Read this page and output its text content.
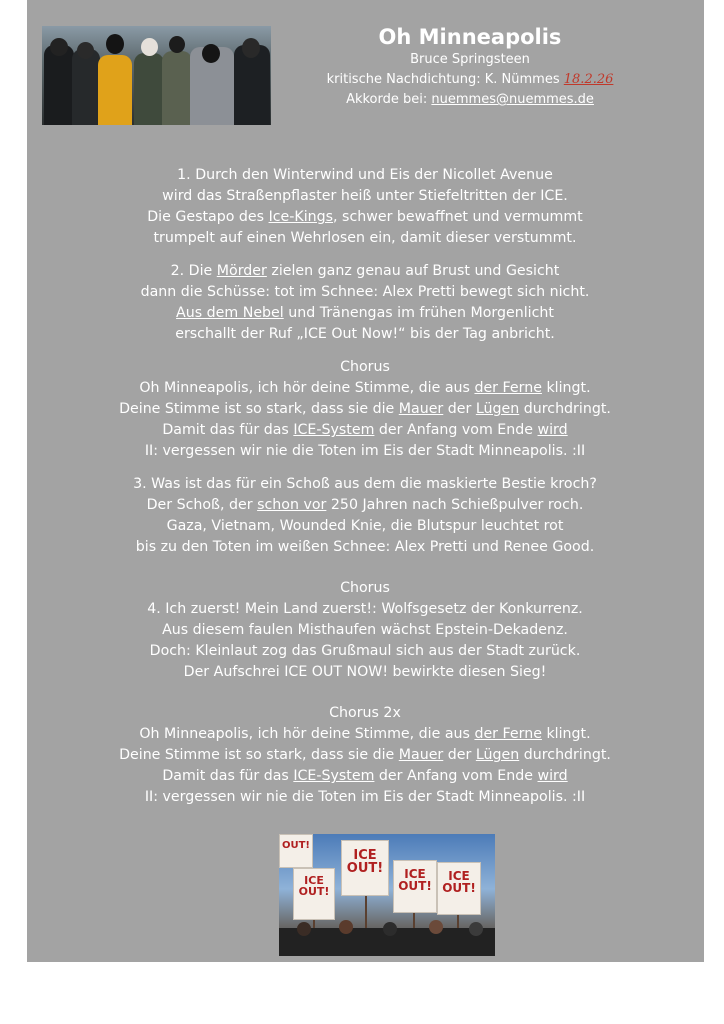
Oh Minneapolis
Bruce Springsteen
kritische Nachdichtung: K. Nümmes 18.2.26
Akkorde bei: nuemmes@nuemmes.de
1. Durch den Winterwind und Eis der Nicollet Avenue
wird das Straßenpflaster heiß unter Stiefeltritten der ICE.
Die Gestapo des Ice-Kings, schwer bewaffnet und vermummt
trumpelt auf einen Wehrlosen ein, damit dieser verstummt.
2. Die Mörder zielen ganz genau auf Brust und Gesicht
dann die Schüsse: tot im Schnee: Alex Pretti bewegt sich nicht.
Aus dem Nebel und Tränengas im frühen Morgenlicht
erschallt der Ruf „ICE Out Now!“ bis der Tag anbricht.
Chorus
Oh Minneapolis, ich hör deine Stimme, die aus der Ferne klingt.
Deine Stimme ist so stark, dass sie die Mauer der Lügen durchdringt.
Damit das für das ICE-System der Anfang vom Ende wird
II: vergessen wir nie die Toten im Eis der Stadt Minneapolis. :II
3. Was ist das für ein Schoß aus dem die maskierte Bestie kroch?
Der Schoß, der schon vor 250 Jahren nach Schießpulver roch.
Gaza, Vietnam, Wounded Knie, die Blutspur leuchtet rot
bis zu den Toten im weißen Schnee: Alex Pretti und Renee Good.
Chorus
4. Ich zuerst! Mein Land zuerst!: Wolfsgesetz der Konkurrenz.
Aus diesem faulen Misthaufen wächst Epstein-Dekadenz.
Doch: Kleinlaut zog das Grußmaul sich aus der Stadt zurück.
Der Aufschrei ICE OUT NOW! bewirkte diesen Sieg!
Chorus 2x
Oh Minneapolis, ich hör deine Stimme, die aus der Ferne klingt.
Deine Stimme ist so stark, dass sie die Mauer der Lügen durchdringt.
Damit das für das ICE-System der Anfang vom Ende wird
II: vergessen wir nie die Toten im Eis der Stadt Minneapolis. :II
OUT!
ICE
OUT!
ICE
OUT!	ICE
OUT!
ICE
OUT!
